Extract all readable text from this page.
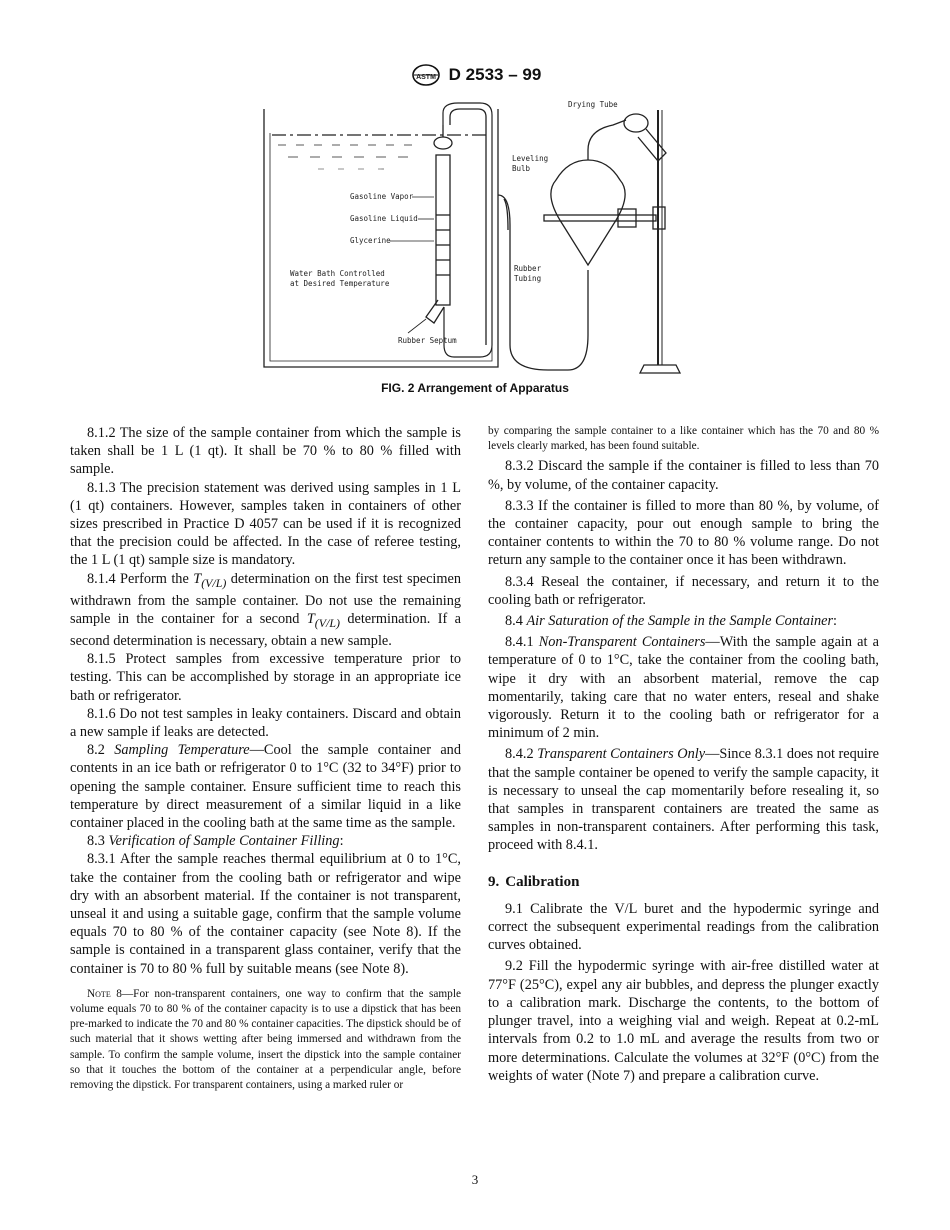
ASTM D 2533 – 99
Drying Tube
Leveling
Bulb
Gasoline Vapor
Gasoline Liquid
Glycerine
Water Bath Controlled
at Desired Temperature
Rubber
Tubing
Rubber Septum
FIG. 2 Arrangement of Apparatus

8.1.2 The size of the sample container from which the sample is taken shall be 1 L (1 qt). It shall be 70 % to 80 % filled with sample.

8.1.3 The precision statement was derived using samples in 1 L (1 qt) containers. However, samples taken in containers of other sizes prescribed in Practice D 4057 can be used if it is recognized that the precision could be affected. In the case of referee testing, the 1 L (1 qt) sample size is mandatory.

8.1.4 Perform the $T_{(V/L)}$ determination on the first test specimen withdrawn from the sample container. Do not use the remaining sample in the container for a second $T_{(V/L)}$ determination. If a second determination is necessary, obtain a new sample.

8.1.5 Protect samples from excessive temperature prior to testing. This can be accomplished by storage in an appropriate ice bath or refrigerator.

8.1.6 Do not test samples in leaky containers. Discard and obtain a new sample if leaks are detected.

8.2 Sampling Temperature—Cool the sample container and contents in an ice bath or refrigerator 0 to 1°C (32 to 34°F) prior to opening the sample container. Ensure sufficient time to reach this temperature by direct measurement of a similar liquid in a like container placed in the cooling bath at the same time as the sample.

8.3 Verification of Sample Container Filling:

8.3.1 After the sample reaches thermal equilibrium at 0 to 1°C, take the container from the cooling bath or refrigerator and wipe dry with an absorbent material. If the container is not transparent, unseal it and using a suitable gage, confirm that the sample volume equals 70 to 80 % of the container capacity (see Note 8). If the sample is contained in a transparent glass container, verify that the container is 70 to 80 % full by suitable means (see Note 8).

Note 8—For non-transparent containers, one way to confirm that the sample volume equals 70 to 80 % of the container capacity is to use a dipstick that has been pre-marked to indicate the 70 and 80 % container capacities. The dipstick should be of such material that it shows wetting after being immersed and withdrawn from the sample. To confirm the sample volume, insert the dipstick into the sample container so that it touches the bottom of the container at a perpendicular angle, before removing the dipstick. For transparent containers, using a marked ruler or

by comparing the sample container to a like container which has the 70 and 80 % levels clearly marked, has been found suitable.

8.3.2 Discard the sample if the container is filled to less than 70 %, by volume, of the container capacity.

8.3.3 If the container is filled to more than 80 %, by volume, of the container capacity, pour out enough sample to bring the container contents to within the 70 to 80 % volume range. Do not return any sample to the container once it has been withdrawn.

8.3.4 Reseal the container, if necessary, and return it to the cooling bath or refrigerator.

8.4 Air Saturation of the Sample in the Sample Container:

8.4.1 Non-Transparent Containers—With the sample again at a temperature of 0 to 1°C, take the container from the cooling bath, wipe it dry with an absorbent material, remove the cap momentarily, taking care that no water enters, reseal and shake vigorously. Return it to the cooling bath or refrigerator for a minimum of 2 min.

8.4.2 Transparent Containers Only—Since 8.3.1 does not require that the sample container be opened to verify the sample capacity, it is necessary to unseal the cap momentarily before resealing it, so that samples in transparent containers are treated the same as samples in non-transparent containers. After performing this task, proceed with 8.4.1.

9. Calibration

9.1 Calibrate the V/L buret and the hypodermic syringe and correct the subsequent experimental readings from the calibration curves obtained.

9.2 Fill the hypodermic syringe with air-free distilled water at 77°F (25°C), expel any air bubbles, and depress the plunger exactly to a calibration mark. Discharge the contents, to the bottom of plunger travel, into a weighing vial and weigh. Repeat at 0.2-mL intervals from 0.2 to 1.0 mL and average the results from two or more determinations. Calculate the volumes at 32°F (0°C) from the weights of water (Note 7) and prepare a calibration curve.

3
